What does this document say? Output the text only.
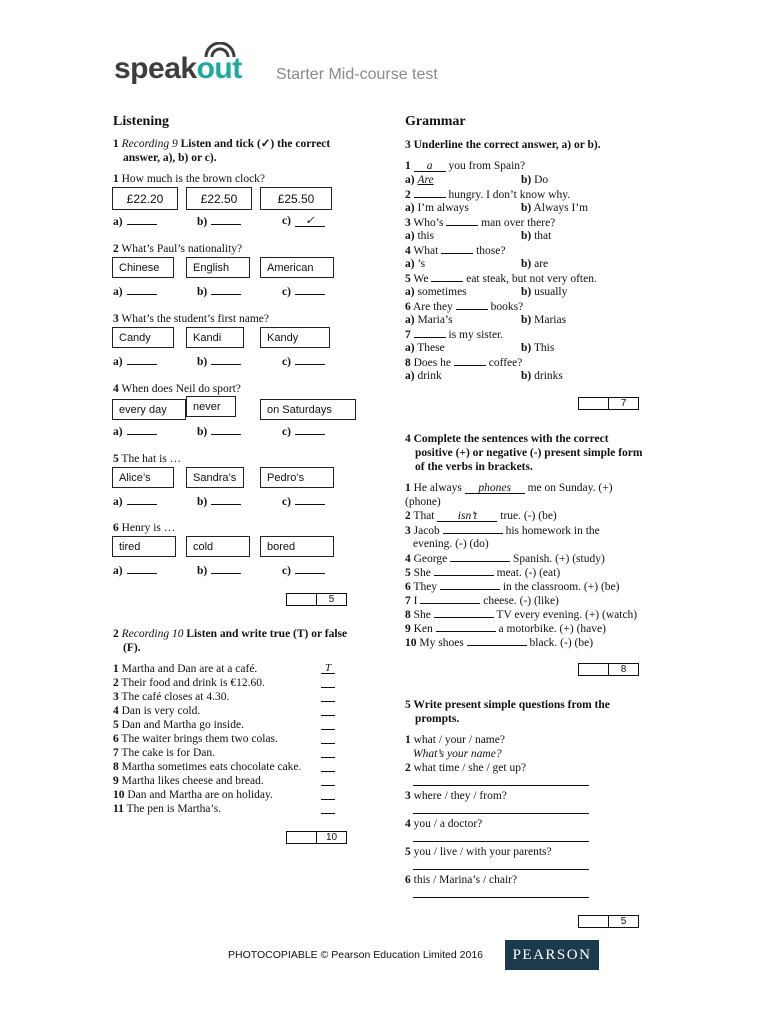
speakout Starter Mid-course test
Listening
1 Recording 9 Listen and tick (✓) the correct
answer, a), b) or c).
1 How much is the brown clock?
£22.20	£22.50	£25.50
a)	b)	c) ✓
2 What’s Paul’s nationality?
Chinese	English	American
a)	b)	c)
3 What’s the student’s first name?
Candy	Kandi	Kandy
a)	b)	c)
4 When does Neil do sport?
every day	never	on Saturdays
a)	b)	c)
5 The hat is …
Alice’s	Sandra’s	Pedro’s
a)	b)	c)
6 Henry is …
tired	cold	bored
a)	b)	c)
5
2 Recording 10 Listen and write true (T) or false
(F).
1 Martha and Dan are at a café.	T
2 Their food and drink is €12.60.
3 The café closes at 4.30.
4 Dan is very cold.
5 Dan and Martha go inside.
6 The waiter brings them two colas.
7 The cake is for Dan.
8 Martha sometimes eats chocolate cake.
9 Martha likes cheese and bread.
10 Dan and Martha are on holiday.
11 The pen is Martha’s.
10
Grammar
3 Underline the correct answer, a) or b).
1 a you from Spain?
a) Are	b) Do
2	hungry. I don’t know why.
a) I’m always	b) Always I’m
3 Who’s	man over there?
a) this	b) that
4 What	those?
a) ’s	b) are
5 We	eat steak, but not very often.
a) sometimes	b) usually
6 Are they	books?
a) Maria’s	b) Marias
7	is my sister.
a) These	b) This
8 Does he	coffee?
a) drink	b) drinks
7
4 Complete the sentences with the correct
positive (+) or negative (-) present simple form
of the verbs in brackets.
1 He always phones me on Sunday. (+)
(phone)
2 That isn’t true. (-) (be)
3 Jacob	his homework in the
evening. (-) (do)
4 George	Spanish. (+) (study)
5 She	meat. (-) (eat)
6 They	in the classroom. (+) (be)
7 I	cheese. (-) (like)
8 She	TV every evening. (+) (watch)
9 Ken	a motorbike. (+) (have)
10 My shoes	black. (-) (be)
8
5 Write present simple questions from the
prompts.
1 what / your / name?
What’s your name?
2 what time / she / get up?
3 where / they / from?
4 you / a doctor?
5 you / live / with your parents?
6 this / Marina’s / chair?
5
PHOTOCOPIABLE © Pearson Education Limited 2016 PEARSON
